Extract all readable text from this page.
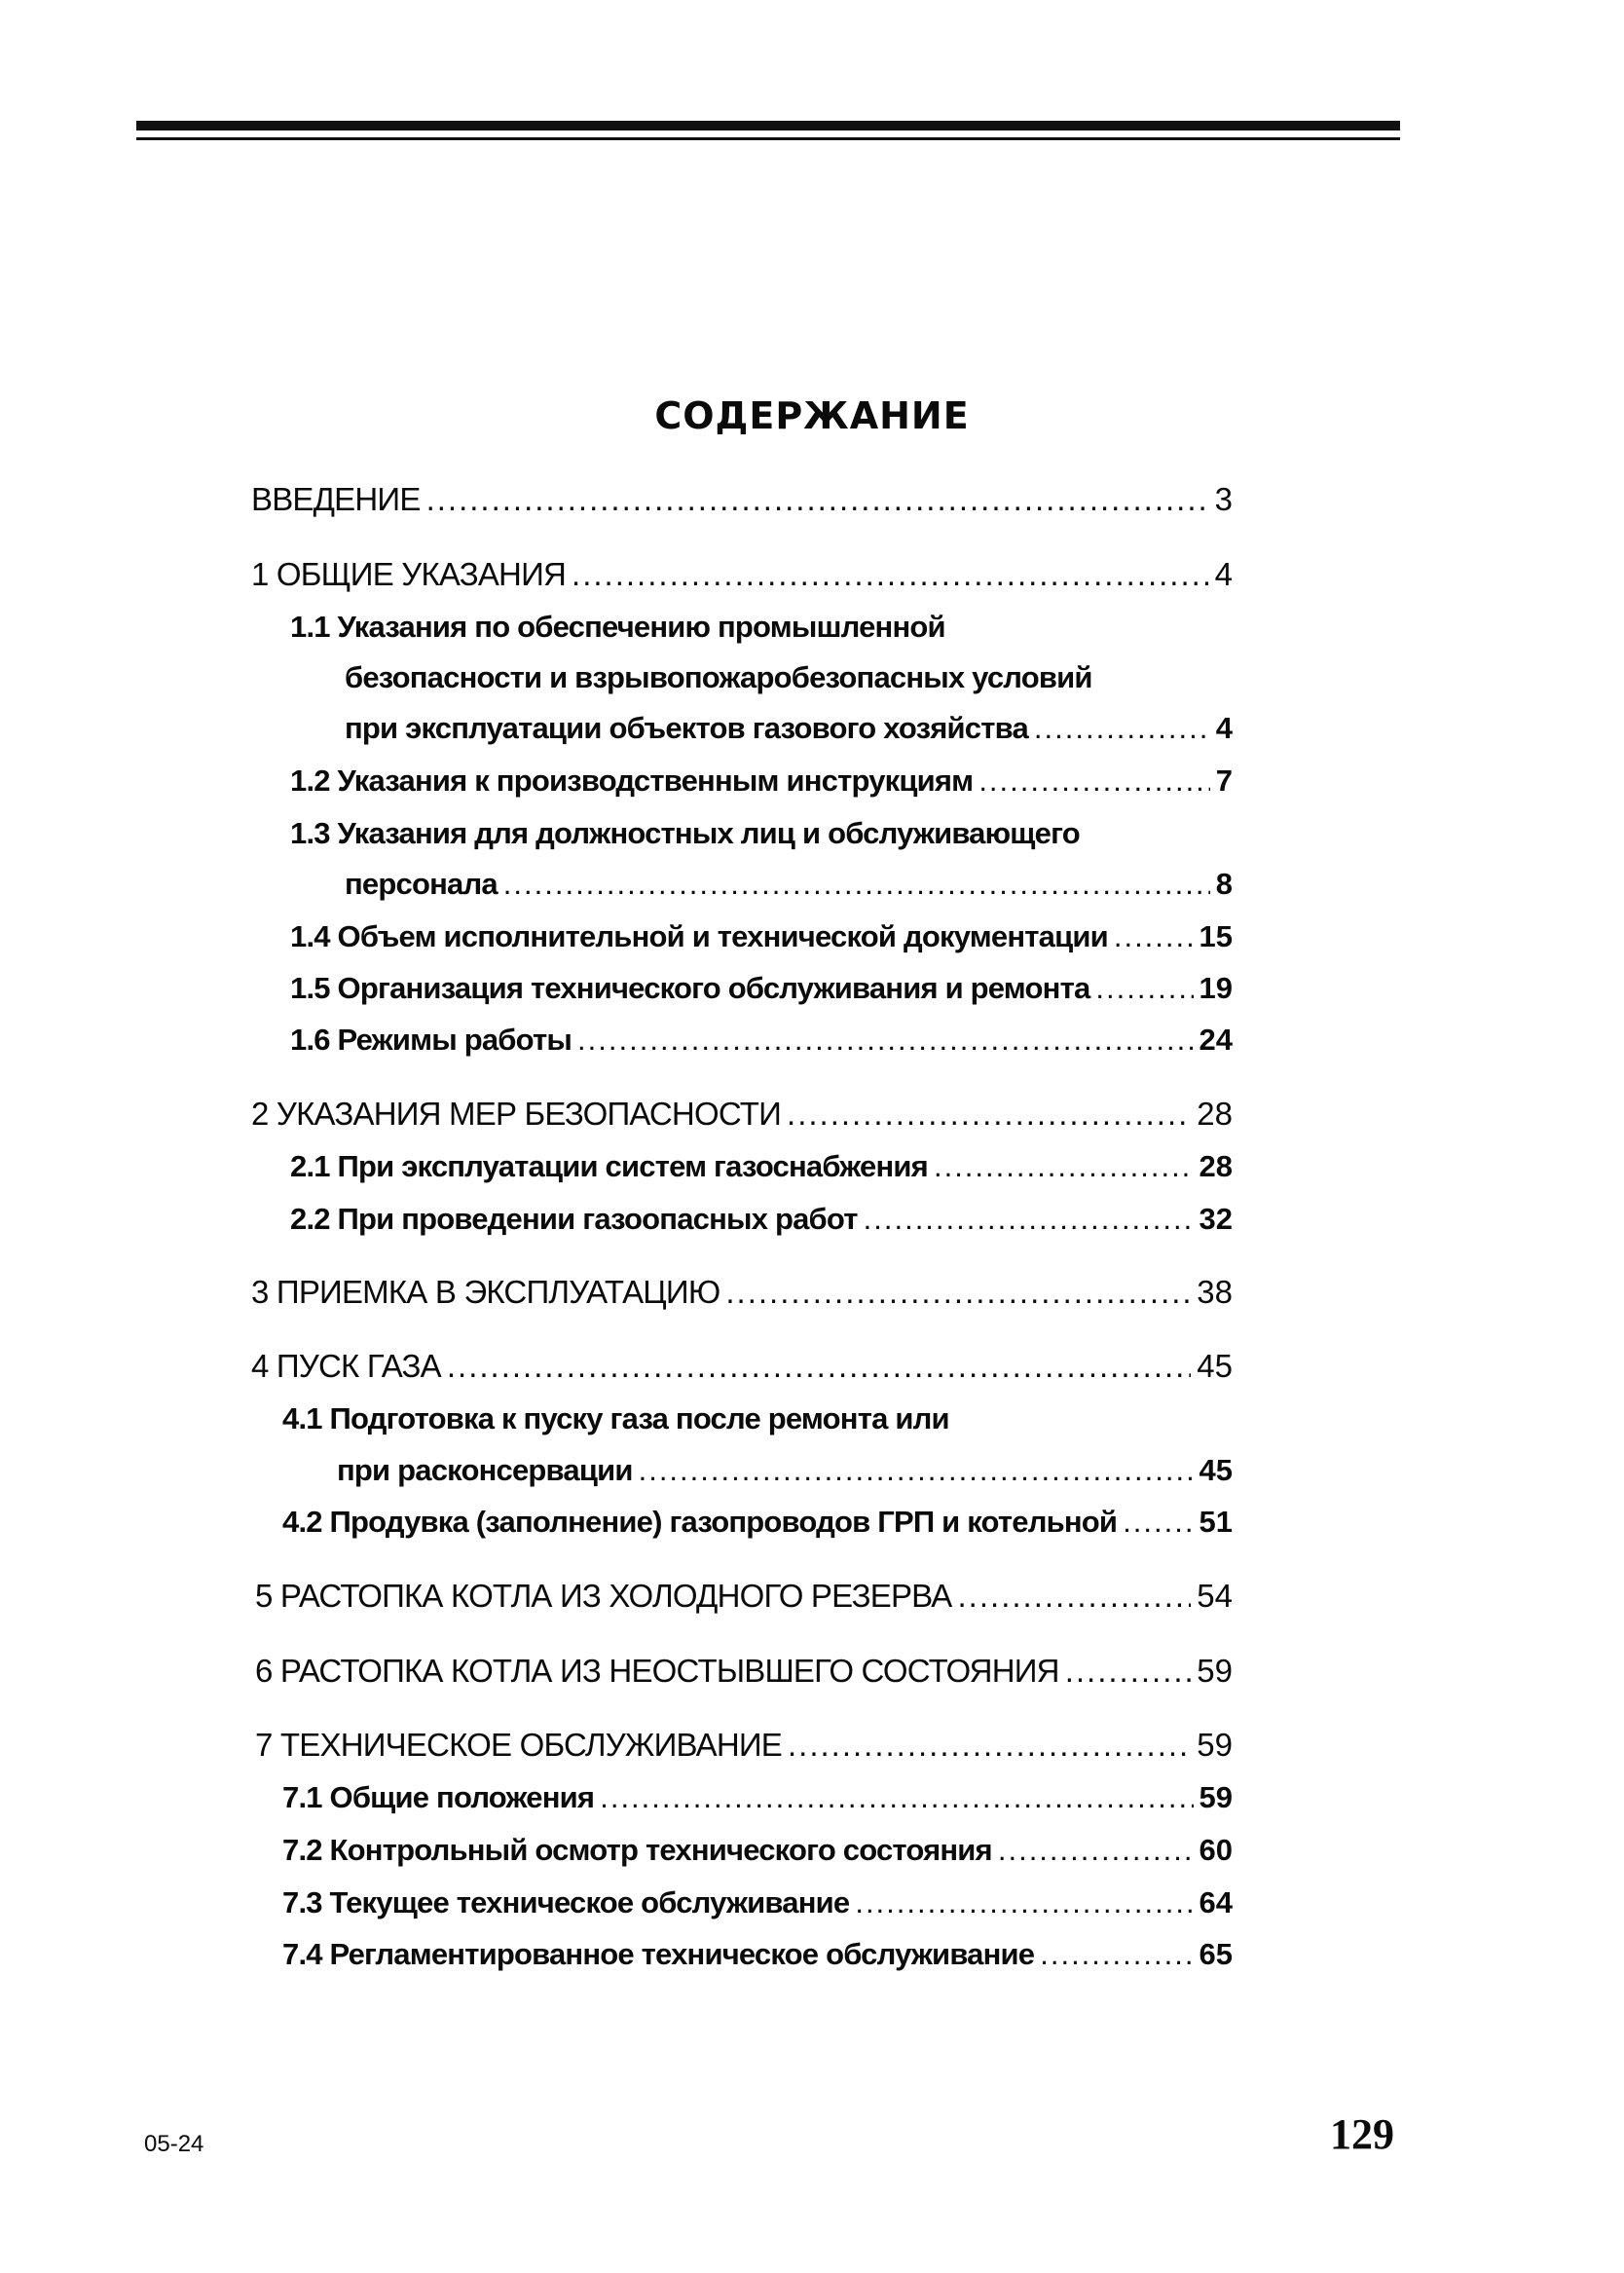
СОДЕРЖАНИЕ
ВВЕДЕНИЕ .....	3
1 ОБЩИЕ УКАЗАНИЯ .....	4
1.1 Указания по обеспечению промышленной
безопасности и взрывопожаробезопасных условий
при эксплуатации объектов газового хозяйства .....	4
1.2 Указания к производственным инструкциям .....	7
1.3 Указания для должностных лиц и обслуживающего
персонала .....	8
1.4 Объем исполнительной и технической документации .....	15
1.5 Организация технического обслуживания и ремонта .....	19
1.6 Режимы работы .....	24
2 УКАЗАНИЯ МЕР БЕЗОПАСНОСТИ .....	28
2.1 При эксплуатации систем газоснабжения .....	28
2.2 При проведении газоопасных работ .....	32
3 ПРИЕМКА В ЭКСПЛУАТАЦИЮ .....	38
4 ПУСК ГАЗА .....	45
4.1 Подготовка к пуску газа после ремонта или
при расконсервации .....	45
4.2 Продувка (заполнение) газопроводов ГРП и котельной .....	51
5 РАСТОПКА КОТЛА ИЗ ХОЛОДНОГО РЕЗЕРВА .....	54
6 РАСТОПКА КОТЛА ИЗ НЕОСТЫВШЕГО СОСТОЯНИЯ .....	59
7 ТЕХНИЧЕСКОЕ ОБСЛУЖИВАНИЕ .....	59
7.1 Общие положения .....	59
7.2 Контрольный осмотр технического состояния .....	60
7.3 Текущее техническое обслуживание .....	64
7.4 Регламентированное техническое обслуживание .....	65
05-24	129
